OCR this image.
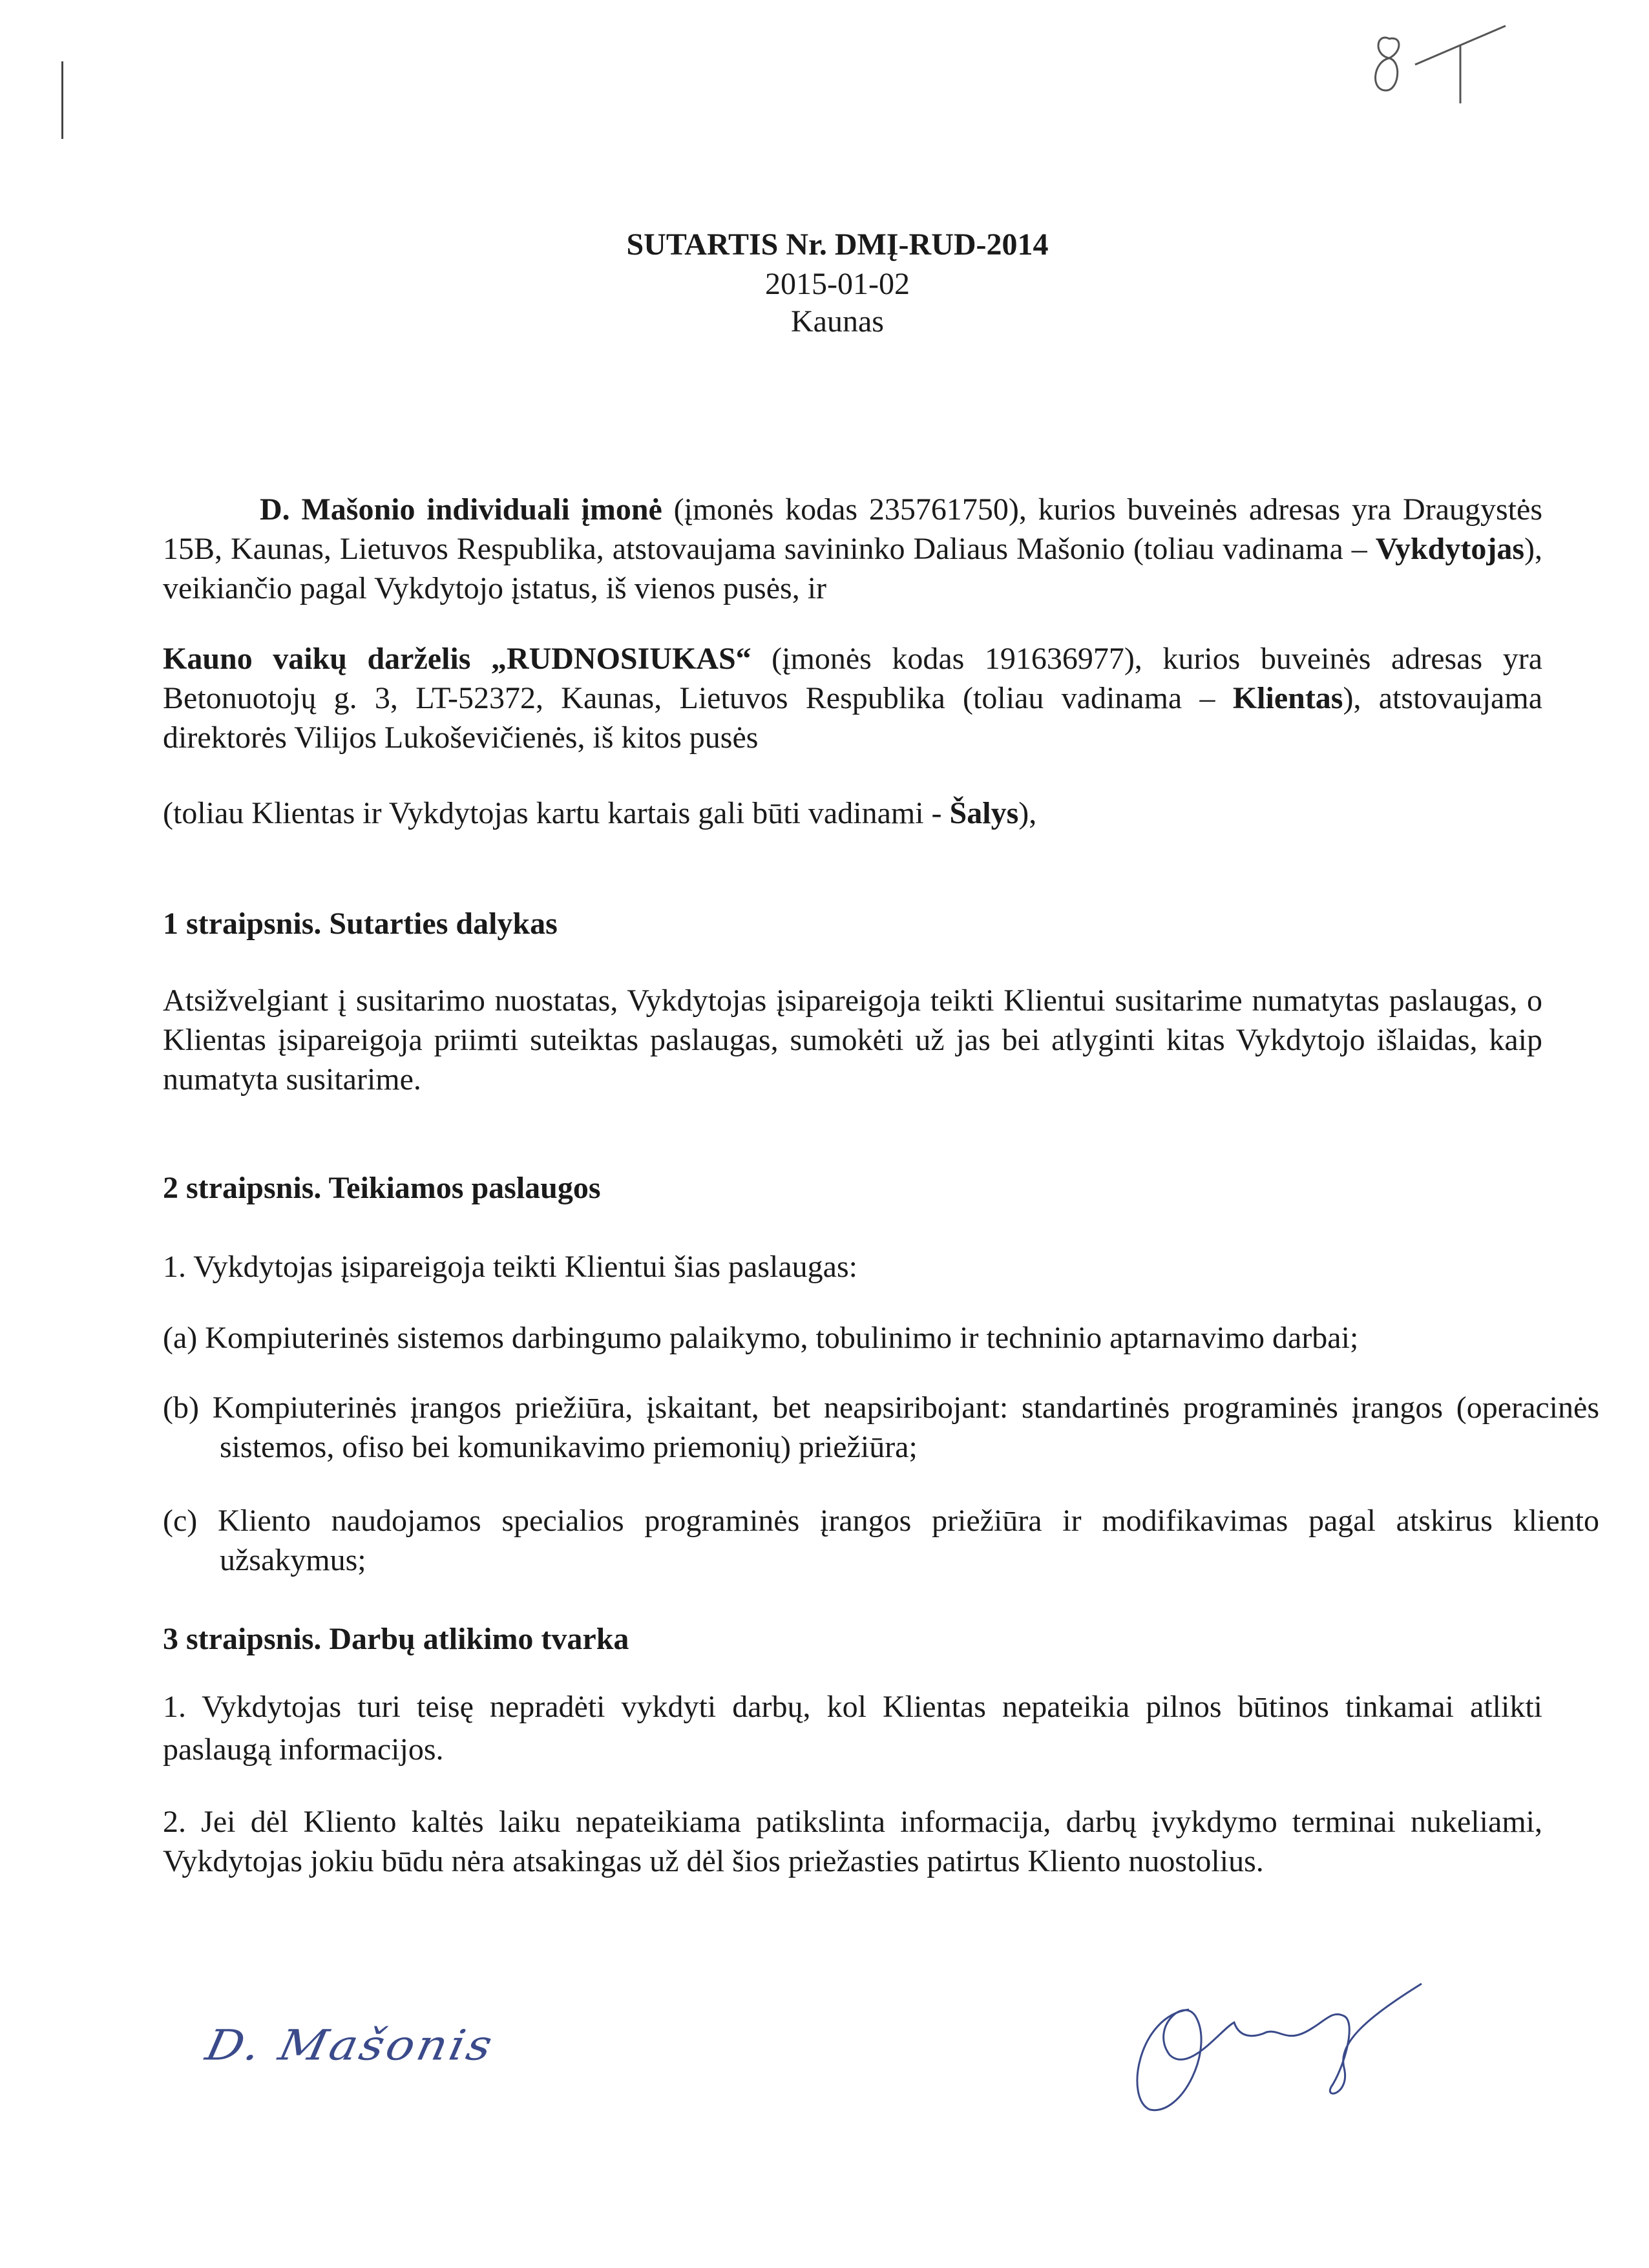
SUTARTIS Nr. DMĮ-RUD-2014
2015-01-02
Kaunas
D. Mašonio individuali įmonė (įmonės kodas 235761750), kurios buveinės adresas yra Draugystės 15B, Kaunas, Lietuvos Respublika, atstovaujama savininko Daliaus Mašonio (toliau vadinama – Vykdytojas), veikiančio pagal Vykdytojo įstatus, iš vienos pusės, ir
Kauno vaikų darželis „RUDNOSIUKAS“ (įmonės kodas 191636977), kurios buveinės adresas yra Betonuotojų g. 3, LT-52372, Kaunas, Lietuvos Respublika (toliau vadinama – Klientas), atstovaujama direktorės Vilijos Lukoševičienės, iš kitos pusės
(toliau Klientas ir Vykdytojas kartu kartais gali būti vadinami - Šalys),
1 straipsnis. Sutarties dalykas
Atsižvelgiant į susitarimo nuostatas, Vykdytojas įsipareigoja teikti Klientui susitarime numatytas paslaugas, o Klientas įsipareigoja priimti suteiktas paslaugas, sumokėti už jas bei atlyginti kitas Vykdytojo išlaidas, kaip numatyta susitarime.
2 straipsnis. Teikiamos paslaugos
1. Vykdytojas įsipareigoja teikti Klientui šias paslaugas:
(a) Kompiuterinės sistemos darbingumo palaikymo, tobulinimo ir techninio aptarnavimo darbai;
(b) Kompiuterinės įrangos priežiūra, įskaitant, bet neapsiribojant: standartinės programinės įrangos (operacinės sistemos, ofiso bei komunikavimo priemonių) priežiūra;
(c) Kliento naudojamos specialios programinės įrangos priežiūra ir modifikavimas pagal atskirus kliento užsakymus;
3 straipsnis. Darbų atlikimo tvarka
1. Vykdytojas turi teisę nepradėti vykdyti darbų, kol Klientas nepateikia pilnos būtinos tinkamai atlikti paslaugą informacijos.
2. Jei dėl Kliento kaltės laiku nepateikiama patikslinta informacija, darbų įvykdymo terminai nukeliami, Vykdytojas jokiu būdu nėra atsakingas už dėl šios priežasties patirtus Kliento nuostolius.
D. Mašonis
